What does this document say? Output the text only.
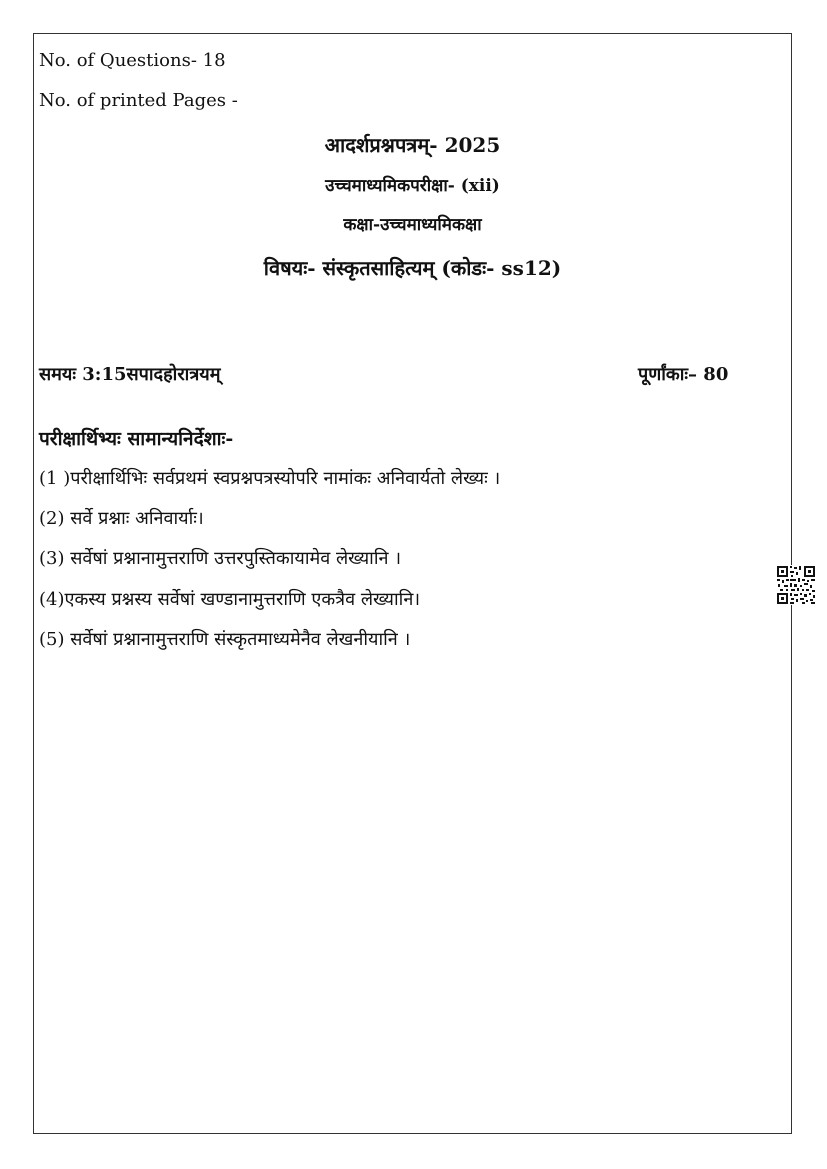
No. of Questions- 18
No. of printed Pages -
आदर्शप्रश्नपत्रम्- 2025
उच्चमाध्यमिकपरीक्षा- (xii)
कक्षा-उच्चमाध्यमिकक्षा
विषयः- संस्कृतसाहित्यम् (कोडः- ss12)
समयः 3:15सपादहोरात्रयम्	पूर्णांकाः– 80
परीक्षार्थिभ्यः सामान्यनिर्देशाः-
(1 )परीक्षार्थिभिः सर्वप्रथमं स्वप्रश्नपत्रस्योपरि नामांकः अनिवार्यतो लेख्यः ।
(2) सर्वे प्रश्नाः अनिवार्याः।
(3) सर्वेषां प्रश्नानामुत्तराणि उत्तरपुस्तिकायामेव लेख्यानि ।
(4)एकस्य प्रश्नस्य सर्वेषां खण्डानामुत्तराणि एकत्रैव लेख्यानि।
(5) सर्वेषां प्रश्नानामुत्तराणि संस्कृतमाध्यमेनैव लेखनीयानि ।
